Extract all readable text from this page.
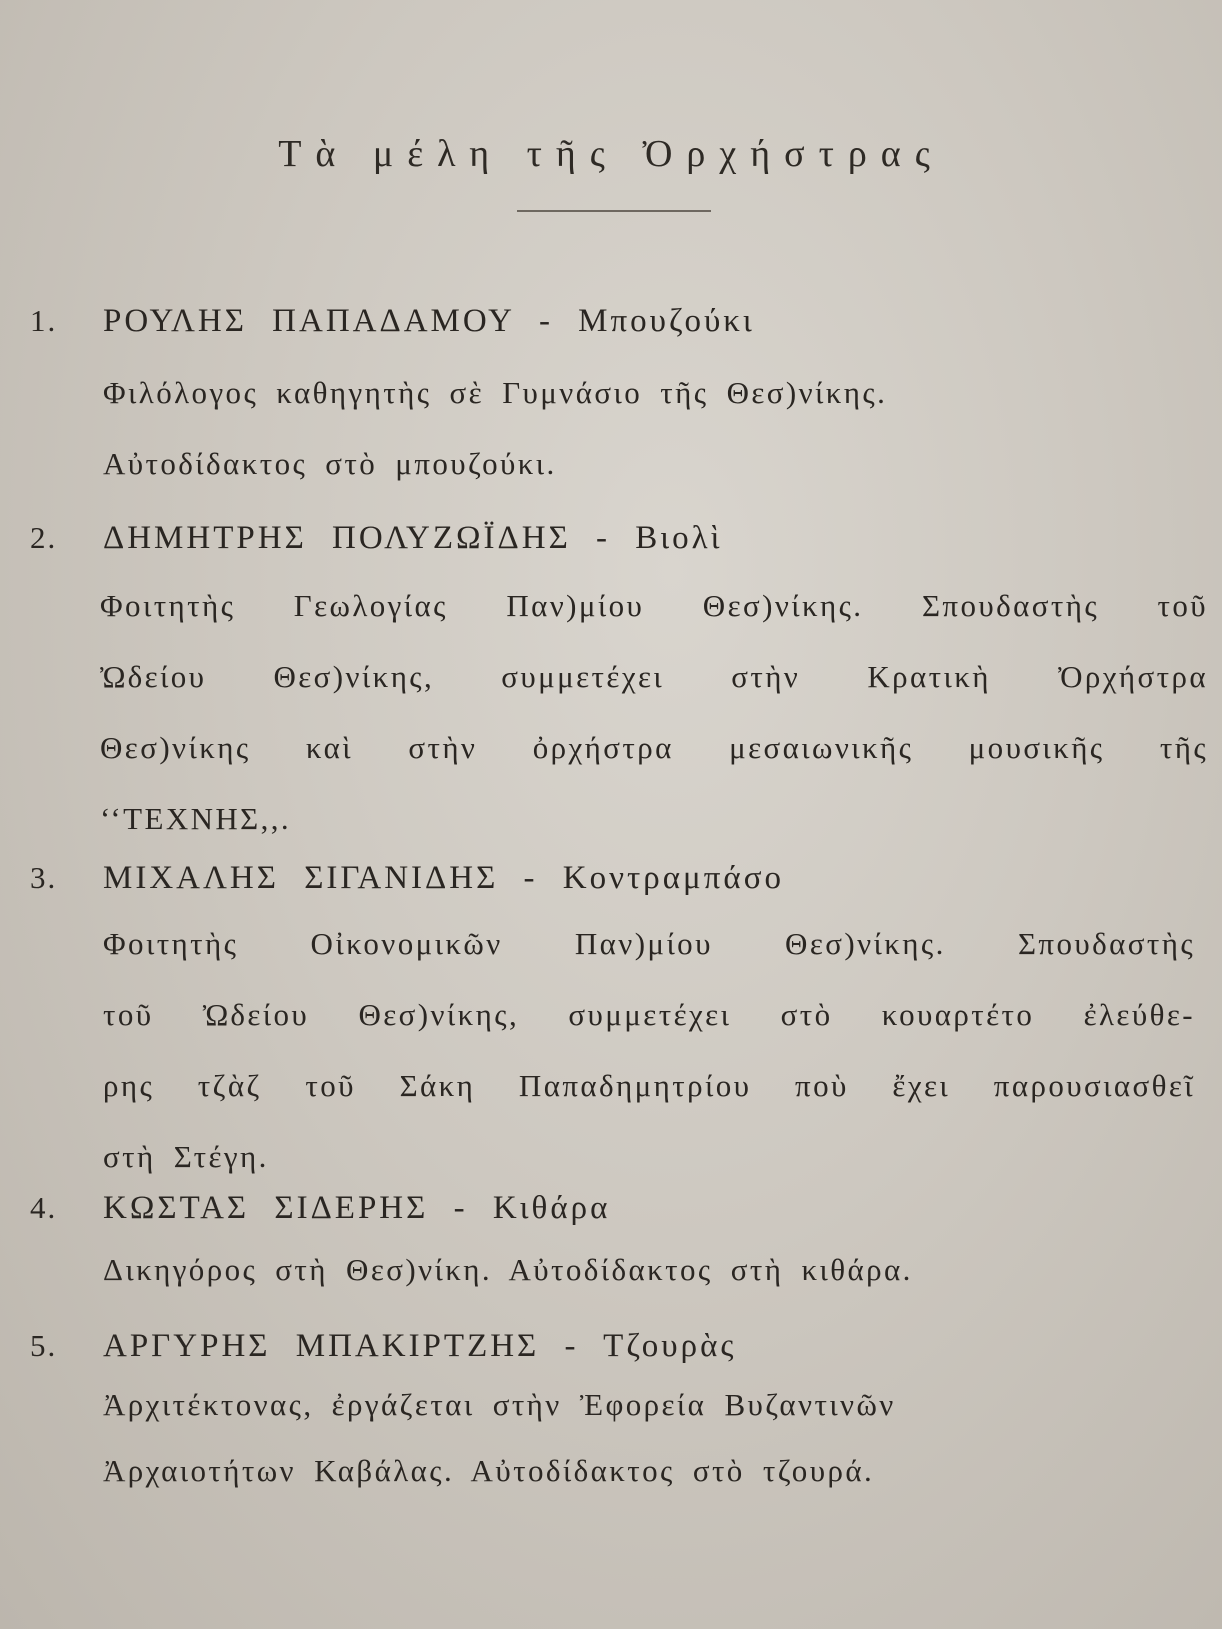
Τὰ μέλη τῆς Ὀρχήστρας
1. ΡΟΥΛΗΣ ΠΑΠΑΔΑΜΟΥ - Μπουζούκι
Φιλόλογος καθηγητὴς σὲ Γυμνάσιο τῆς Θεσ)νίκης.
Αὐτοδίδακτος στὸ μπουζούκι.
2. ΔΗΜΗΤΡΗΣ ΠΟΛΥΖΩΪΔΗΣ - Βιολὶ
Φοιτητὴς Γεωλογίας Παν)μίου Θεσ)νίκης. Σπουδαστὴς τοῦ
Ὠδείου Θεσ)νίκης, συμμετέχει στὴν Κρατικὴ Ὀρχήστρα
Θεσ)νίκης καὶ στὴν ὀρχήστρα μεσαιωνικῆς μουσικῆς τῆς
‘‘ΤΕΧΝΗΣ,,.
3. ΜΙΧΑΛΗΣ ΣΙΓΑΝΙΔΗΣ - Κοντραμπάσο
Φοιτητὴς Οἰκονομικῶν Παν)μίου Θεσ)νίκης. Σπουδαστὴς
τοῦ Ὠδείου Θεσ)νίκης, συμμετέχει στὸ κουαρτέτο ἐλεύθε-
ρης τζὰζ τοῦ Σάκη Παπαδημητρίου ποὺ ἔχει παρουσιασθεῖ
στὴ Στέγη.
4. ΚΩΣΤΑΣ ΣΙΔΕΡΗΣ - Κιθάρα
Δικηγόρος στὴ Θεσ)νίκη. Αὐτοδίδακτος στὴ κιθάρα.
5. ΑΡΓΥΡΗΣ ΜΠΑΚΙΡΤΖΗΣ - Τζουρὰς
Ἀρχιτέκτονας, ἐργάζεται στὴν Ἐφορεία Βυζαντινῶν
Ἀρχαιοτήτων Καβάλας. Αὐτοδίδακτος στὸ τζουρά.
